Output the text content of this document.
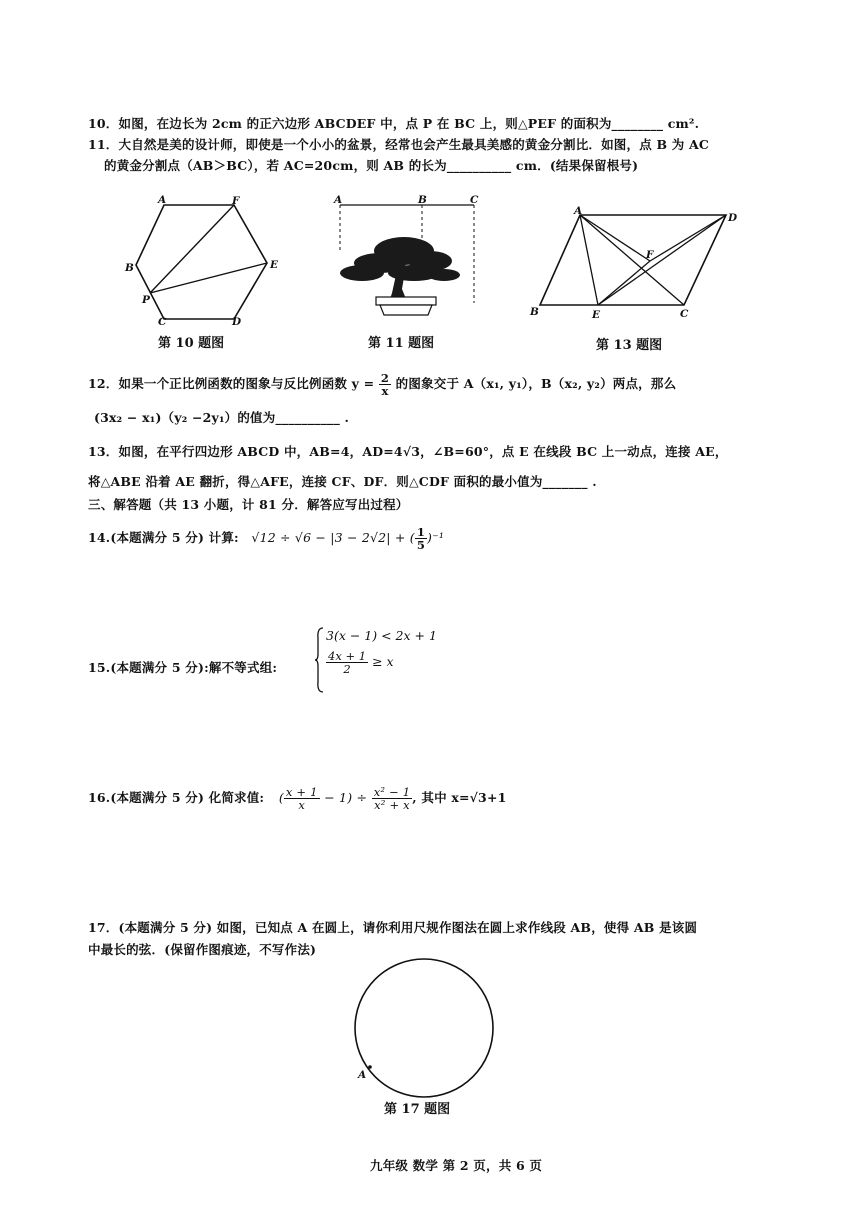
10．如图，在边长为 2cm 的正六边形 ABCDEF 中，点 P 在 BC 上，则△PEF 的面积为________ cm².
11．大自然是美的设计师，即使是一个小小的盆景，经常也会产生最具美感的黄金分割比．如图，点 B 为 AC
的黄金分割点（AB＞BC），若 AC=20cm，则 AB 的长为__________ cm．(结果保留根号)
A	F
B	E
P
C	D
第 10 题图
A	B	C
第 11 题图
A
D
F
B	E	C
第 13 题图
12．如果一个正比例函数的图象与反比例函数 $y = \frac{2}{x}$ 的图象交于 A（x₁, y₁），B（x₂, y₂）两点，那么
(3x₂ − x₁)（y₂ −2y₁）的值为__________ .
13．如图，在平行四边形 ABCD 中，AB=4，AD=4√3，∠B=60°，点 E 在线段 BC 上一动点，连接 AE，
将△ABE 沿着 AE 翻折，得△AFE，连接 CF、DF．则△CDF 面积的最小值为_______ .
三、解答题（共 13 小题，计 81 分．解答应写出过程）
14.(本题满分 5 分) 计算: √12 ÷ √6 − |3 − 2√2| + ( $\frac{1}{5} )^{-1}$
15.(本题满分 5 分):解不等式组:
3(x − 1) < 2x + 1
$\frac{4x + 1}{2} \ge x$
16.(本题满分 5 分) 化简求值: ( $\frac{x + 1}{x} - 1) \div \frac{\text{x² − 1}}{\text{x² + x}}$ , 其中 x=√3+1
17．(本题满分 5 分) 如图，已知点 A 在圆上，请你利用尺规作图法在圆上求作线段 AB，使得 AB 是该圆
中最长的弦．(保留作图痕迹，不写作法)
A
第 17 题图
九年级 数学 第 2 页，共 6 页
